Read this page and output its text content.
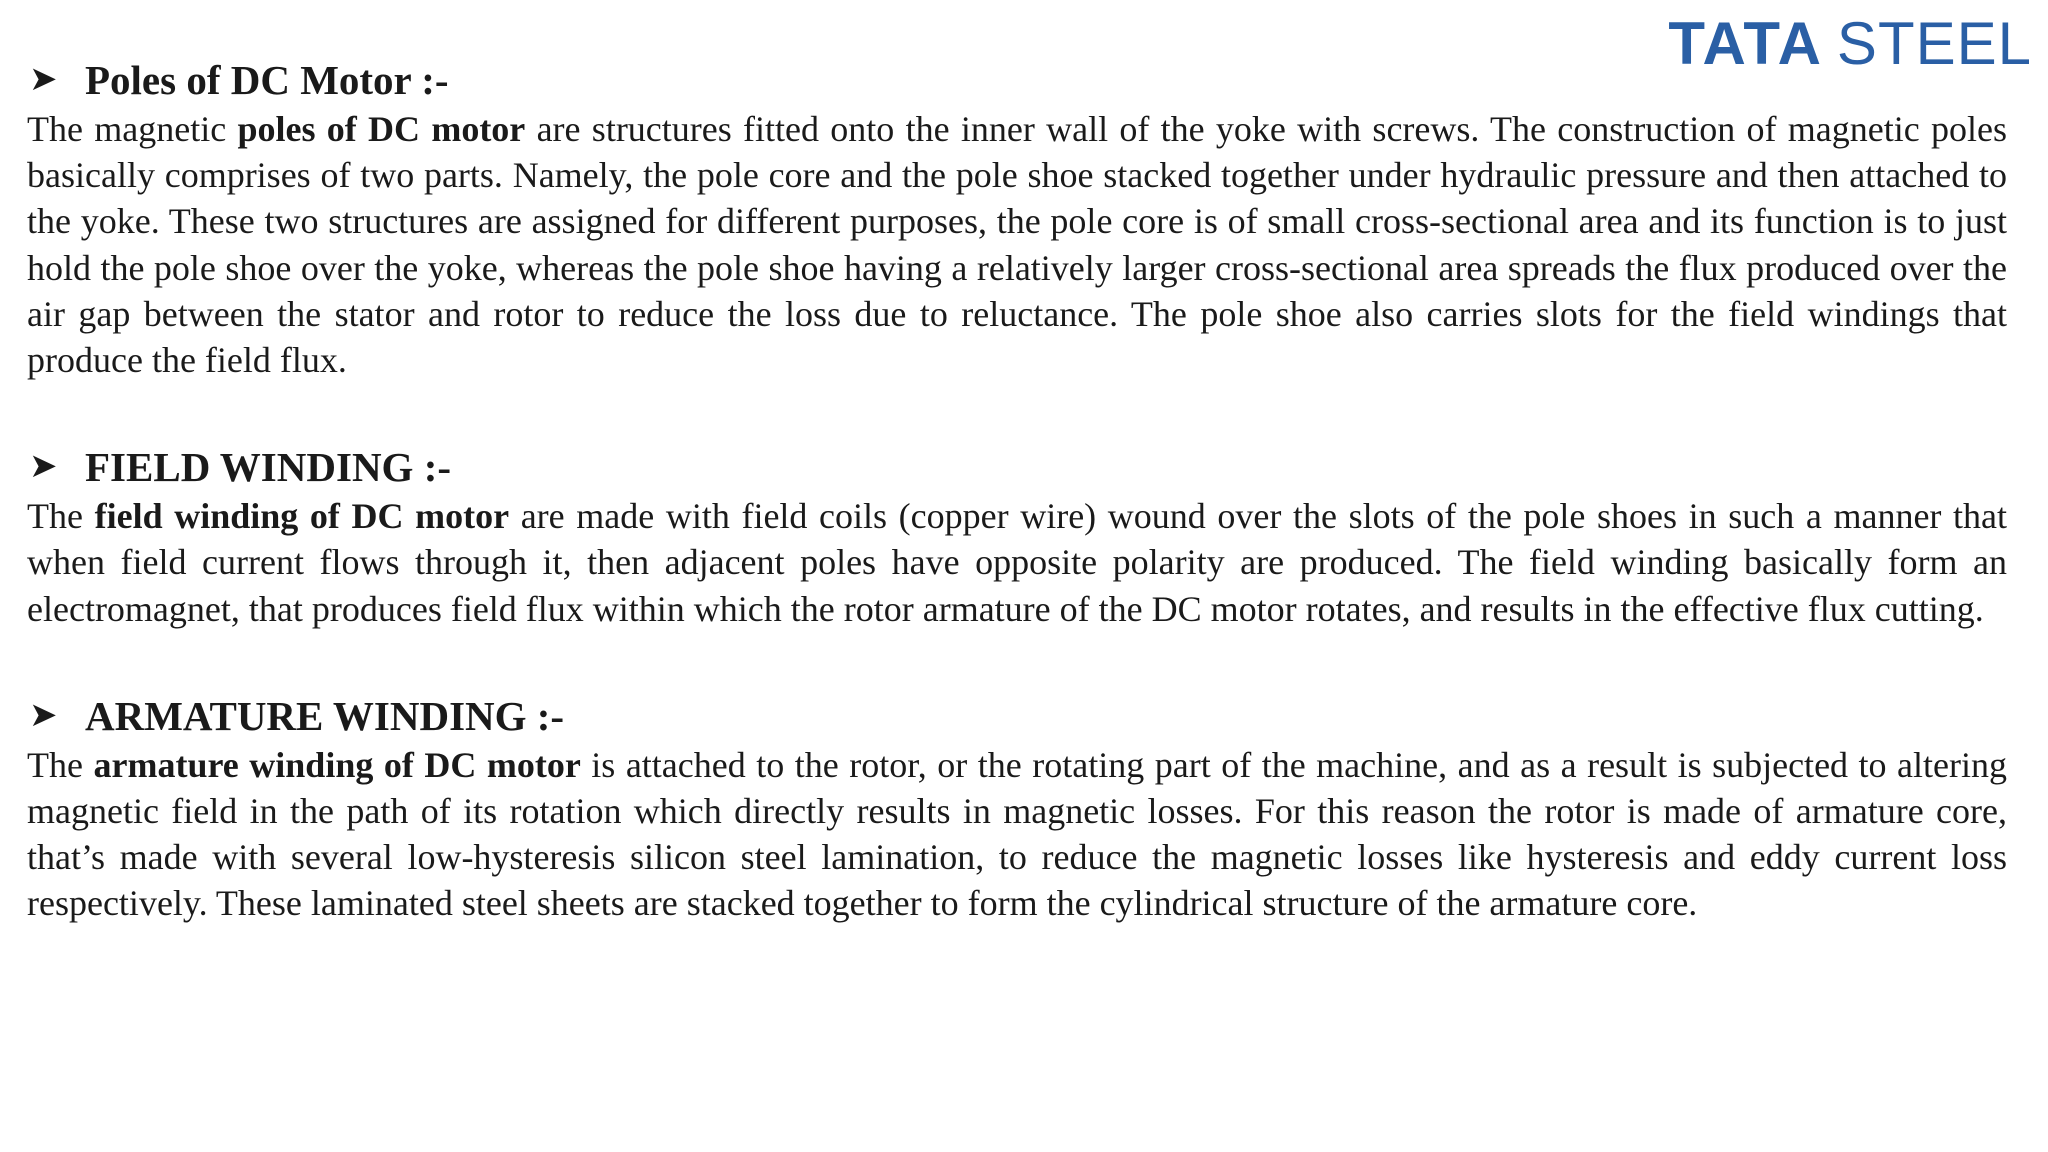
TATA STEEL
➤ Poles of DC Motor :-

The magnetic poles of DC motor are structures fitted onto the inner wall of the yoke with screws. The construction of magnetic poles basically comprises of two parts. Namely, the pole core and the pole shoe stacked together under hydraulic pressure and then attached to the yoke. These two structures are assigned for different purposes, the pole core is of small cross-sectional area and its function is to just hold the pole shoe over the yoke, whereas the pole shoe having a relatively larger cross-sectional area spreads the flux produced over the air gap between the stator and rotor to reduce the loss due to reluctance. The pole shoe also carries slots for the field windings that produce the field flux.

➤ FIELD WINDING :-

The field winding of DC motor are made with field coils (copper wire) wound over the slots of the pole shoes in such a manner that when field current flows through it, then adjacent poles have opposite polarity are produced. The field winding basically form an electromagnet, that produces field flux within which the rotor armature of the DC motor rotates, and results in the effective flux cutting.

➤ ARMATURE WINDING :-

The armature winding of DC motor is attached to the rotor, or the rotating part of the machine, and as a result is subjected to altering magnetic field in the path of its rotation which directly results in magnetic losses. For this reason the rotor is made of armature core, that’s made with several low-hysteresis silicon steel lamination, to reduce the magnetic losses like hysteresis and eddy current loss respectively. These laminated steel sheets are stacked together to form the cylindrical structure of the armature core.
